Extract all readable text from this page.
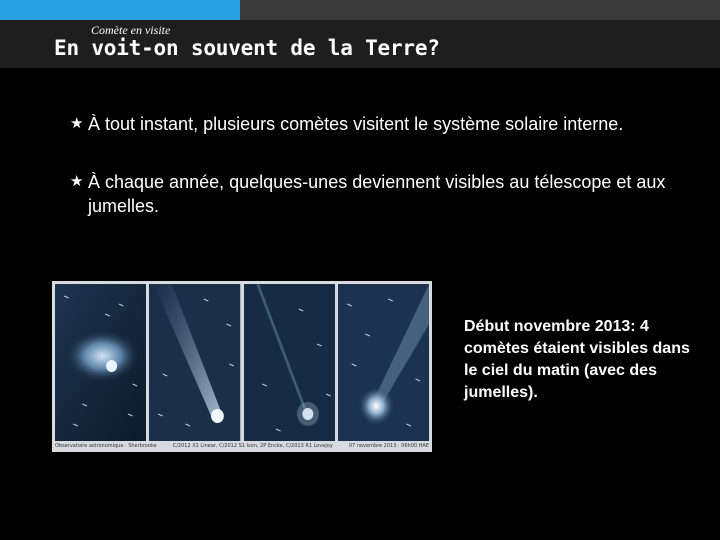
Comète en visite
En voit-on souvent de la Terre?
★ À tout instant, plusieurs comètes visitent le système solaire interne.
★ À chaque année, quelques-unes deviennent visibles au télescope et aux jumelles.
Observatoire astronomique · Sherbrooke	C/2012 X1 Linear, C/2012 S1 Ison, 2P Encke, C/2013 R1 Lovejoy	07 novembre 2013 · 06h00 HAE
Début novembre 2013: 4 comètes étaient visibles dans le ciel du matin (avec des jumelles).
